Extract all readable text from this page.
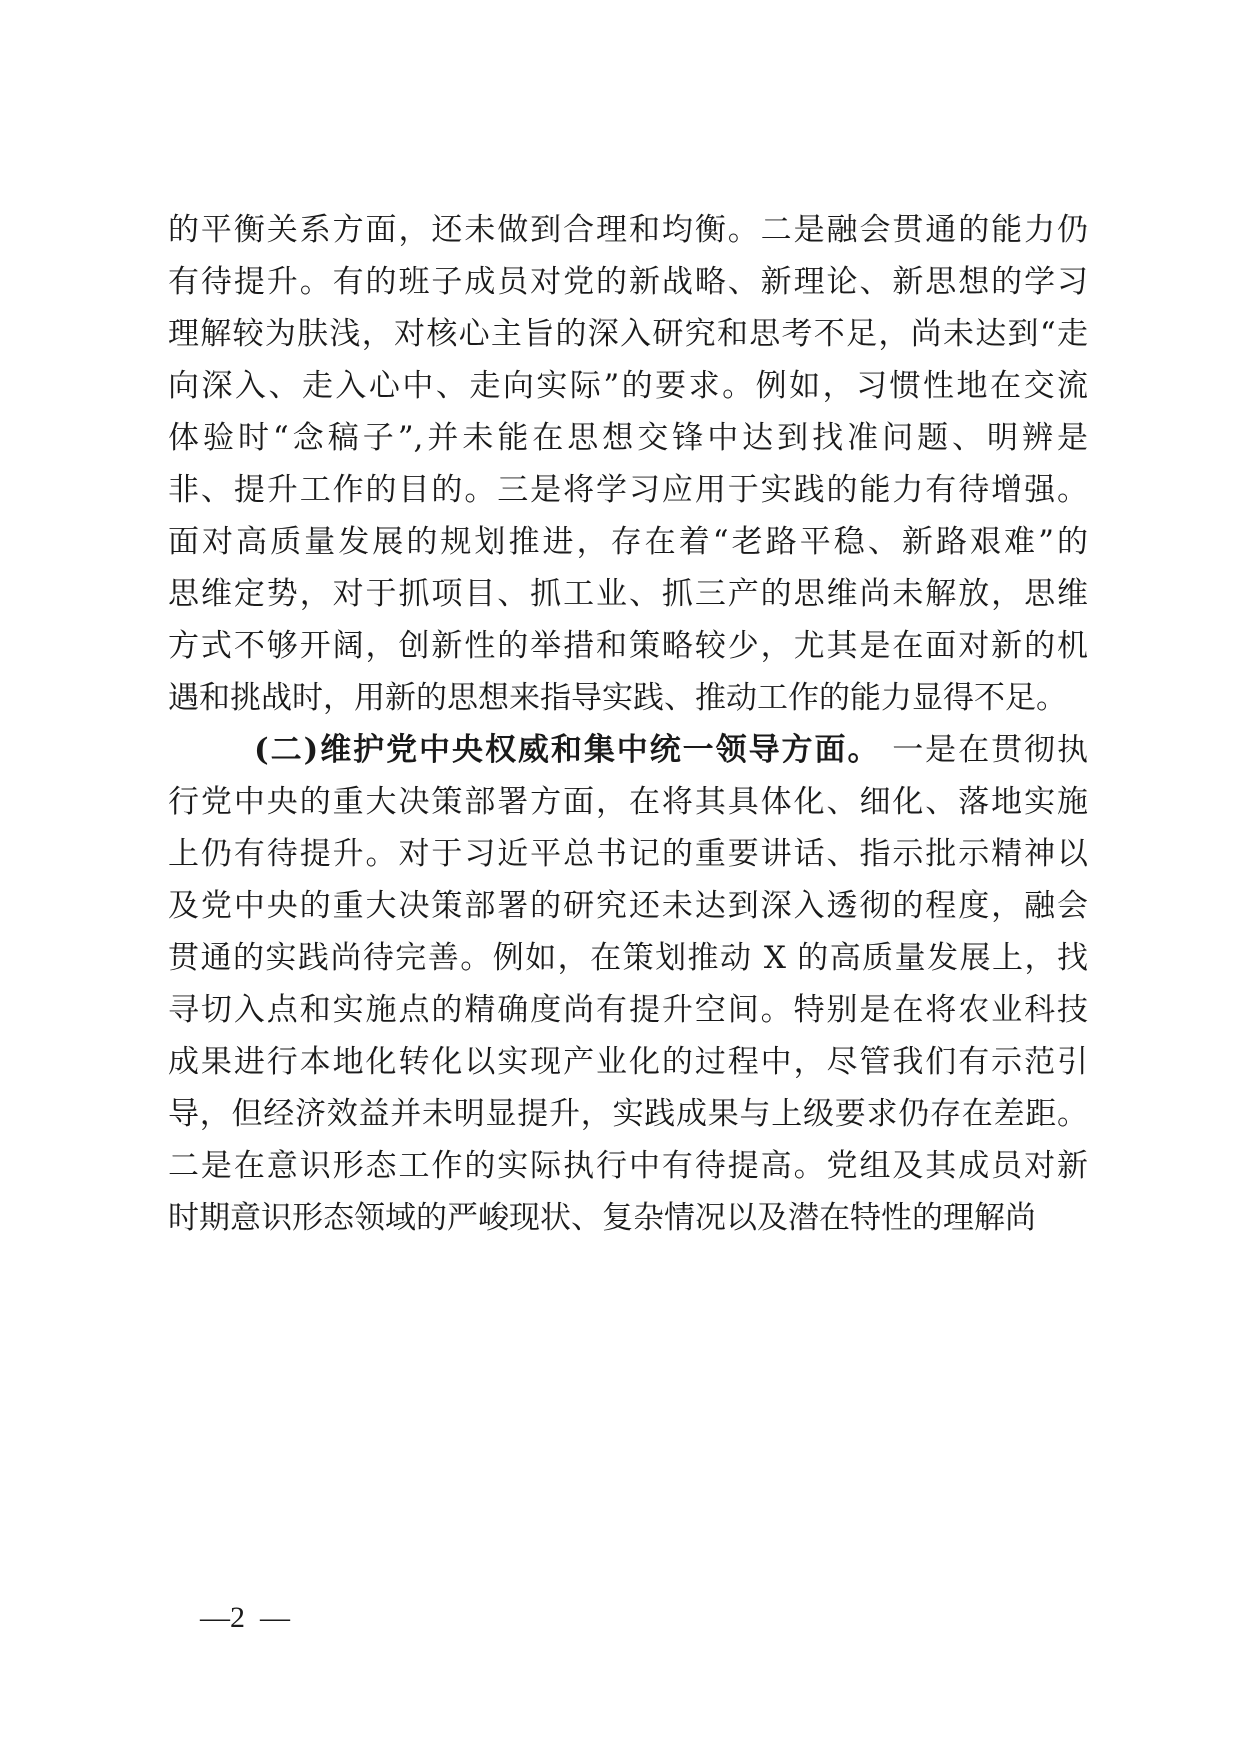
的平衡关系方面，还未做到合理和均衡。二是融会贯通的能力仍

有待提升。有的班子成员对党的新战略、新理论、新思想的学习

理解较为肤浅，对核心主旨的深入研究和思考不足，尚未达到“走

向深入、走入心中、走向实际”的要求。例如，习惯性地在交流

体验时“念稿子”,并未能在思想交锋中达到找准问题、明辨是

非、提升工作的目的。三是将学习应用于实践的能力有待增强。

面对高质量发展的规划推进，存在着“老路平稳、新路艰难”的

思维定势，对于抓项目、抓工业、抓三产的思维尚未解放，思维

方式不够开阔，创新性的举措和策略较少，尤其是在面对新的机

遇和挑战时，用新的思想来指导实践、推动工作的能力显得不足。

(二)维护党中央权威和集中统一领导方面。 一是在贯彻执

行党中央的重大决策部署方面，在将其具体化、细化、落地实施

上仍有待提升。对于习近平总书记的重要讲话、指示批示精神以

及党中央的重大决策部署的研究还未达到深入透彻的程度，融会

贯通的实践尚待完善。例如，在策划推动 X 的高质量发展上，找

寻切入点和实施点的精确度尚有提升空间。特别是在将农业科技

成果进行本地化转化以实现产业化的过程中，尽管我们有示范引

导，但经济效益并未明显提升，实践成果与上级要求仍存在差距。

二是在意识形态工作的实际执行中有待提高。党组及其成员对新

时期意识形态领域的严峻现状、复杂情况以及潜在特性的理解尚

—2  —
